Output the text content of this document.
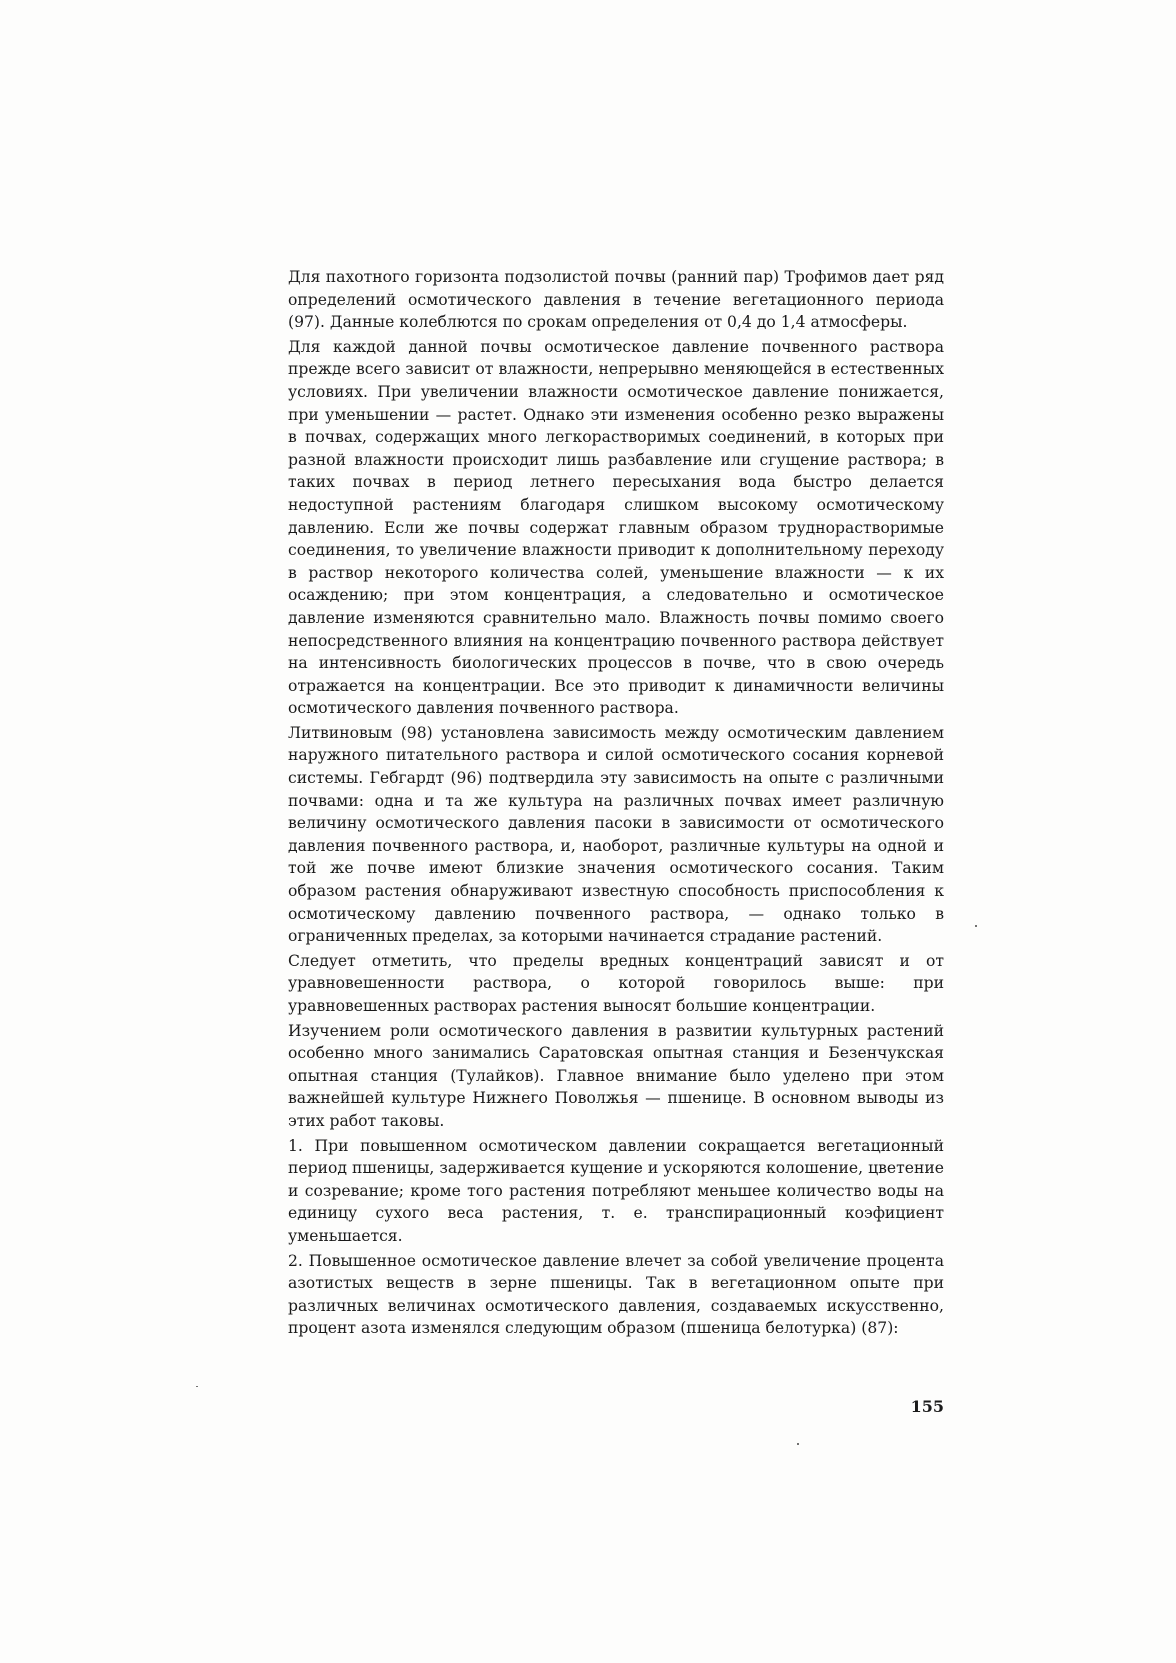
Для пахотного горизонта подзолистой почвы (ранний пар) Трофимов дает ряд определений осмотического давления в течение вегетационного периода (97). Данные колеблются по срокам определения от 0,4 до 1,4 атмосферы.

Для каждой данной почвы осмотическое давление почвенного раствора прежде всего зависит от влажности, непрерывно меняющейся в естественных условиях. При увеличении влажности осмотическое давление понижается, при уменьшении — растет. Однако эти изменения особенно резко выражены в почвах, содержащих много легкорастворимых соединений, в которых при разной влажности происходит лишь разбавление или сгущение раствора; в таких почвах в период летнего пересыхания вода быстро делается недоступной растениям благодаря слишком высокому осмотическому давлению. Если же почвы содержат главным образом труднорастворимые соединения, то увеличение влажности приводит к дополнительному переходу в раствор некоторого количества солей, уменьшение влажности — к их осаждению; при этом концентрация, а следовательно и осмотическое давление изменяются сравнительно мало. Влажность почвы помимо своего непосредственного влияния на концентрацию почвенного раствора действует на интенсивность биологических процессов в почве, что в свою очередь отражается на концентрации. Все это приводит к динамичности величины осмотического давления почвенного раствора.

Литвиновым (98) установлена зависимость между осмотическим давлением наружного питательного раствора и силой осмотического сосания корневой системы. Гебгардт (96) подтвердила эту зависимость на опыте с различными почвами: одна и та же культура на различных почвах имеет различную величину осмотического давления пасоки в зависимости от осмотического давления почвенного раствора, и, наоборот, различные культуры на одной и той же почве имеют близкие значения осмотического сосания. Таким образом растения обнаруживают известную способность приспособления к осмотическому давлению почвенного раствора, — однако только в ограниченных пределах, за которыми начинается страдание растений.

Следует отметить, что пределы вредных концентраций зависят и от уравновешенности раствора, о которой говорилось выше: при уравновешенных растворах растения выносят большие концентрации.

Изучением роли осмотического давления в развитии культурных растений особенно много занимались Саратовская опытная станция и Безенчукская опытная станция (Тулайков). Главное внимание было уделено при этом важнейшей культуре Нижнего Поволжья — пшенице. В основном выводы из этих работ таковы.

1. При повышенном осмотическом давлении сокращается вегетационный период пшеницы, задерживается кущение и ускоряются колошение, цветение и созревание; кроме того растения потребляют меньшее количество воды на единицу сухого веса растения, т. е. транспирационный коэфициент уменьшается.

2. Повышенное осмотическое давление влечет за собой увеличение процента азотистых веществ в зерне пшеницы. Так в вегетационном опыте при различных величинах осмотического давления, создаваемых искусственно, процент азота изменялся следующим образом (пшеница белотурка) (87):

155
